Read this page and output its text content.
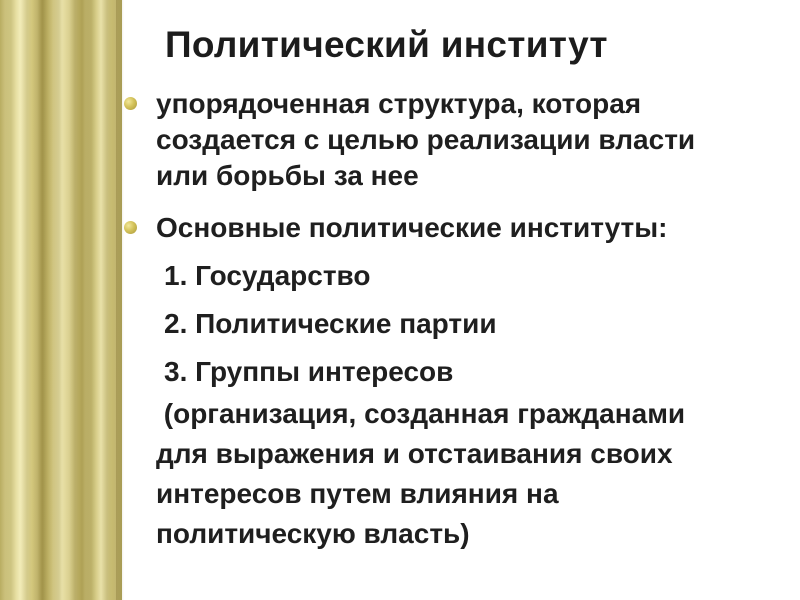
Политический институт
упорядоченная структура, которая
создается с целью реализации власти
или борьбы за нее
Основные политические институты:
1. Государство
2. Политические партии
3. Группы интересов
(организация, созданная гражданами
для выражения и отстаивания своих
интересов путем влияния на
политическую власть)
